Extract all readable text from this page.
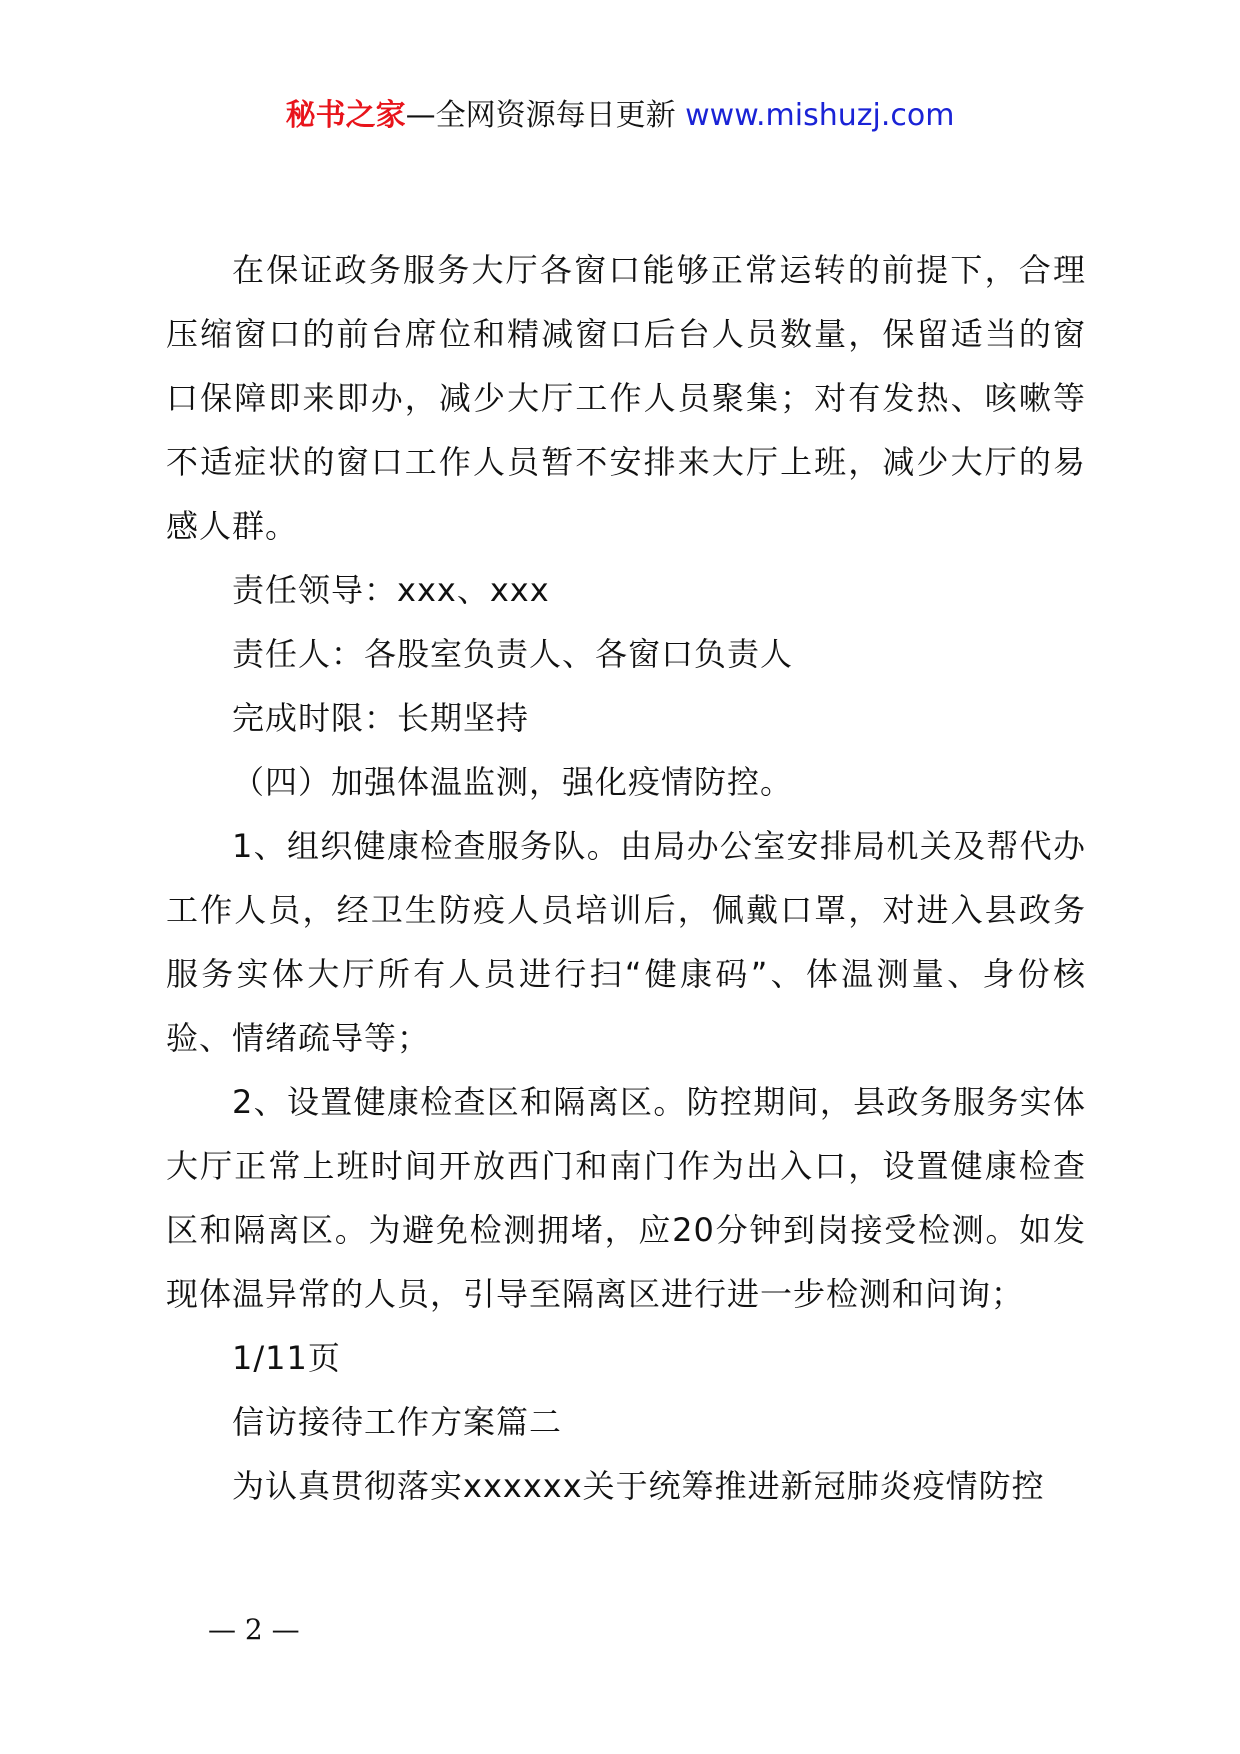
秘书之家—全网资源每日更新 www.mishuzj.com

在保证政务服务大厅各窗口能够正常运转的前提下，合理压缩窗口的前台席位和精减窗口后台人员数量，保留适当的窗口保障即来即办，减少大厅工作人员聚集；对有发热、咳嗽等不适症状的窗口工作人员暂不安排来大厅上班，减少大厅的易感人群。

责任领导：xxx、xxx

责任人：各股室负责人、各窗口负责人

完成时限：长期坚持

（四）加强体温监测，强化疫情防控。

1、组织健康检查服务队。由局办公室安排局机关及帮代办工作人员，经卫生防疫人员培训后，佩戴口罩，对进入县政务服务实体大厅所有人员进行扫“健康码”、体温测量、身份核验、情绪疏导等；

2、设置健康检查区和隔离区。防控期间，县政务服务实体大厅正常上班时间开放西门和南门作为出入口，设置健康检查区和隔离区。为避免检测拥堵，应20分钟到岗接受检测。如发现体温异常的人员，引导至隔离区进行进一步检测和问询；

1/11页

信访接待工作方案篇二

为认真贯彻落实xxxxxx关于统筹推进新冠肺炎疫情防控

— 2 —
